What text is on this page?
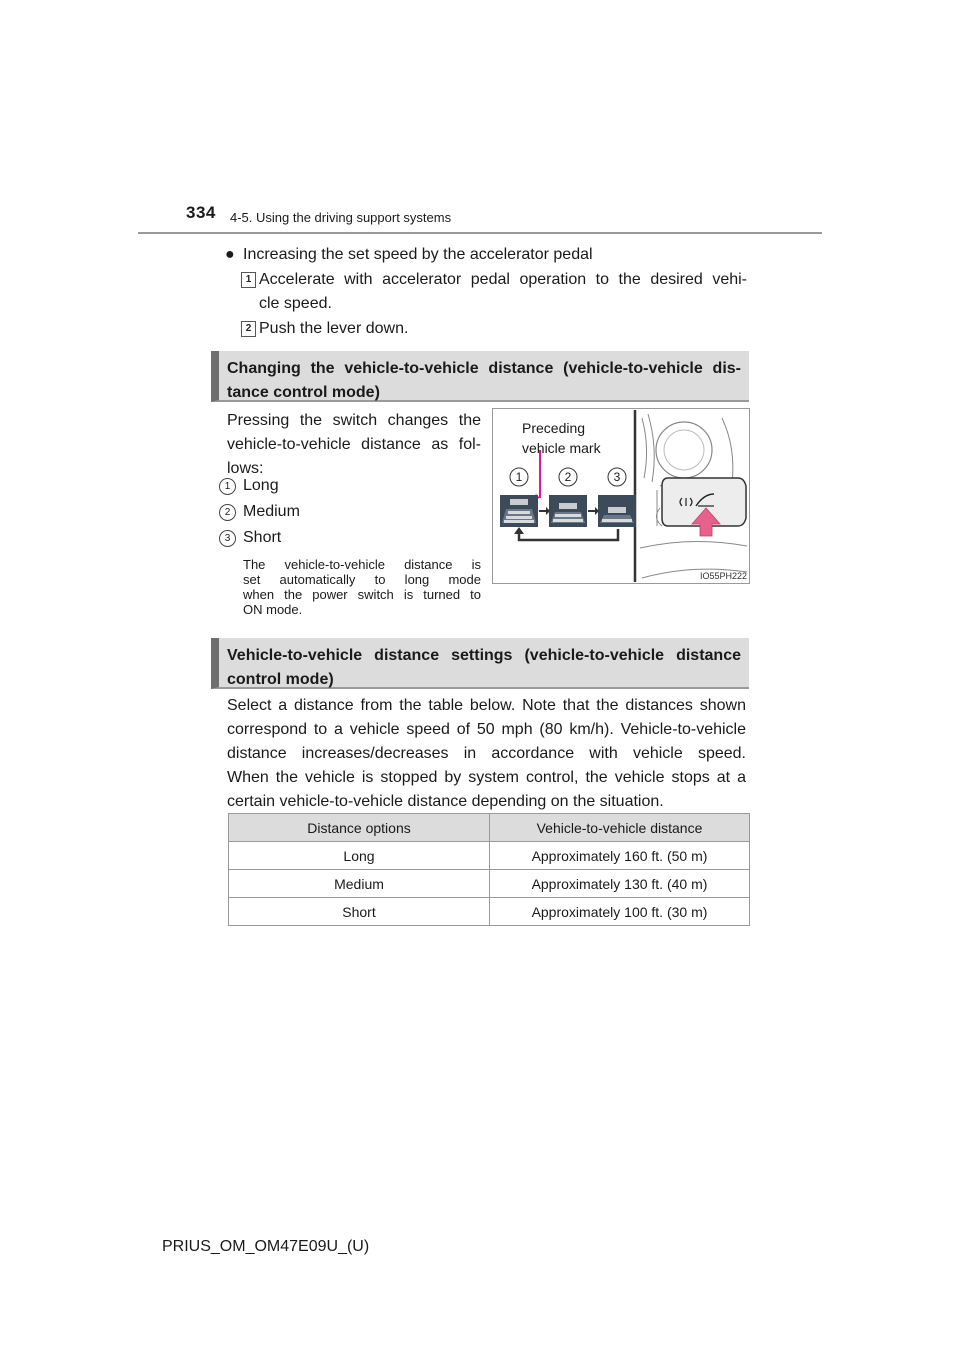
334 4-5. Using the driving support systems
● Increasing the set speed by the accelerator pedal
1 Accelerate with accelerator pedal operation to the desired vehi-
cle speed.
2 Push the lever down.
Changing the vehicle-to-vehicle distance (vehicle-to-vehicle dis-
tance control mode)
Pressing the switch changes the
vehicle-to-vehicle distance as fol-
lows:
1 Long
2 Medium
3 Short
The vehicle-to-vehicle distance is
set automatically to long mode
when the power switch is turned to
ON mode.
Preceding
vehicle mark
1	2	3
IO55PH222
Vehicle-to-vehicle distance settings (vehicle-to-vehicle distance
control mode)
Select a distance from the table below. Note that the distances shown
correspond to a vehicle speed of 50 mph (80 km/h). Vehicle-to-vehicle
distance increases/decreases in accordance with vehicle speed.
When the vehicle is stopped by system control, the vehicle stops at a
certain vehicle-to-vehicle distance depending on the situation.
Distance options	Vehicle-to-vehicle distance
Long	Approximately 160 ft. (50 m)
Medium	Approximately 130 ft. (40 m)
Short	Approximately 100 ft. (30 m)
PRIUS_OM_OM47E09U_(U)
